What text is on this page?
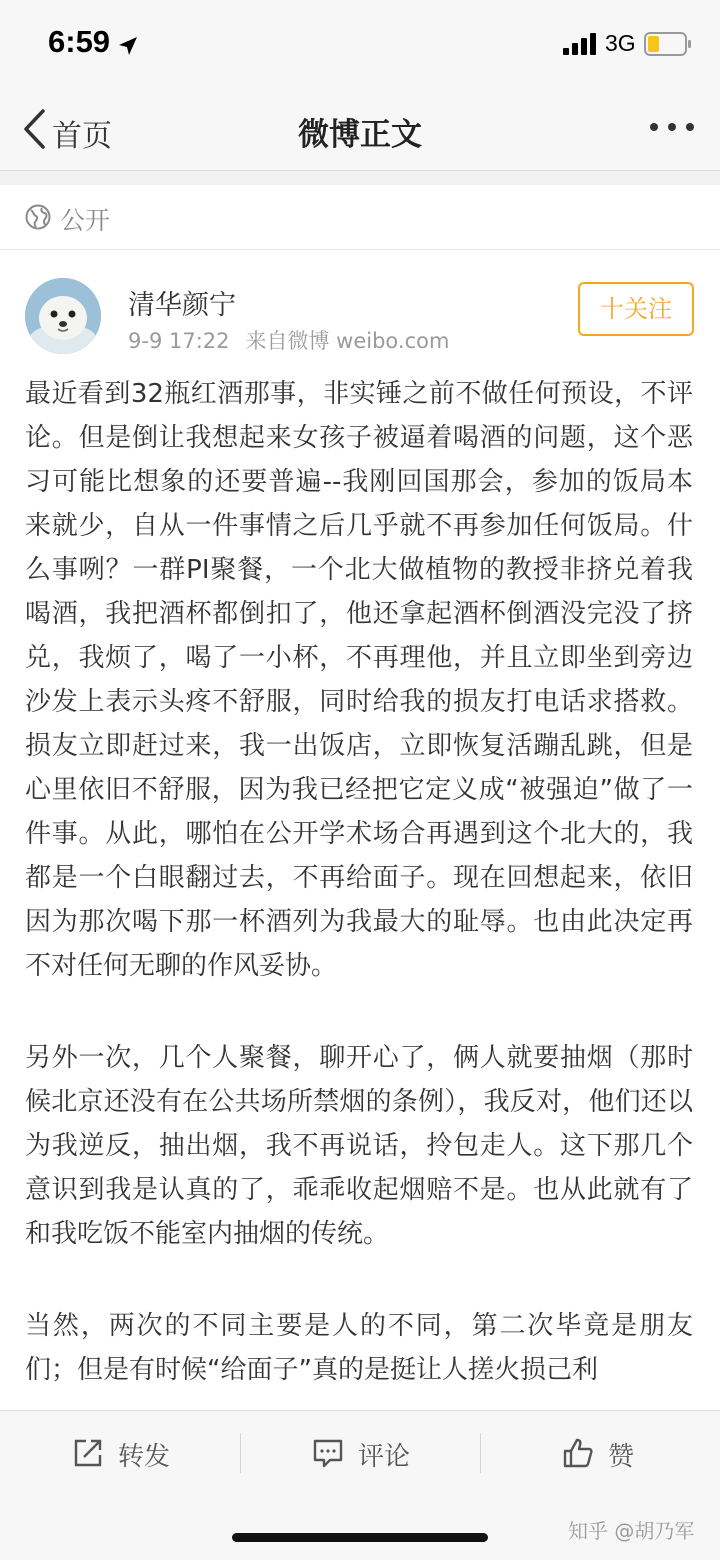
6:59	3G
首页	微博正文
公开
清华颜宁
9-9 17:22 来自微博 weibo.com
十关注

最近看到32瓶红酒那事，非实锤之前不做任何预设，不评论。但是倒让我想起来女孩子被逼着喝酒的问题，这个恶习可能比想象的还要普遍--我刚回国那会，参加的饭局本来就少，自从一件事情之后几乎就不再参加任何饭局。什么事咧？一群PI聚餐，一个北大做植物的教授非挤兑着我喝酒，我把酒杯都倒扣了，他还拿起酒杯倒酒没完没了挤兑，我烦了，喝了一小杯，不再理他，并且立即坐到旁边沙发上表示头疼不舒服，同时给我的损友打电话求搭救。损友立即赶过来，我一出饭店，立即恢复活蹦乱跳，但是心里依旧不舒服，因为我已经把它定义成“被强迫”做了一件事。从此，哪怕在公开学术场合再遇到这个北大的，我都是一个白眼翻过去，不再给面子。现在回想起来，依旧因为那次喝下那一杯酒列为我最大的耻辱。也由此决定再不对任何无聊的作风妥协。

另外一次，几个人聚餐，聊开心了，俩人就要抽烟（那时候北京还没有在公共场所禁烟的条例），我反对，他们还以为我逆反，抽出烟，我不再说话，拎包走人。这下那几个意识到我是认真的了，乖乖收起烟赔不是。也从此就有了和我吃饭不能室内抽烟的传统。

当然，两次的不同主要是人的不同，第二次毕竟是朋友们；但是有时候“给面子”真的是挺让人搓火损己利

转发	评论	赞
知乎 @胡乃军
